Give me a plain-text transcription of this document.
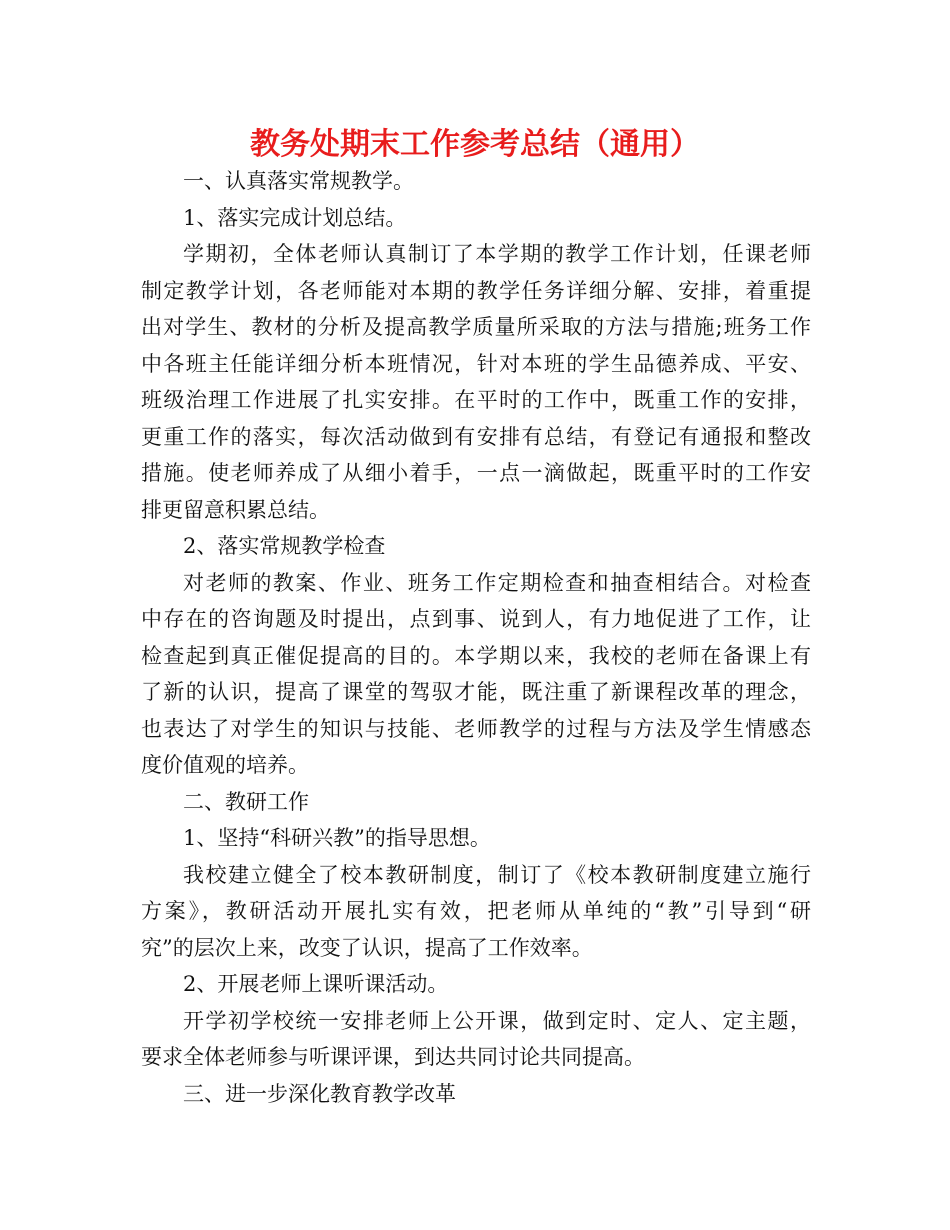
教务处期末工作参考总结（通用）

一、认真落实常规教学。

1、落实完成计划总结。

学期初，全体老师认真制订了本学期的教学工作计划，任课老师
制定教学计划，各老师能对本期的教学任务详细分解、安排，着重提
出对学生、教材的分析及提高教学质量所采取的方法与措施;班务工作
中各班主任能详细分析本班情况，针对本班的学生品德养成、平安、
班级治理工作进展了扎实安排。在平时的工作中，既重工作的安排，
更重工作的落实，每次活动做到有安排有总结，有登记有通报和整改
措施。使老师养成了从细小着手，一点一滴做起，既重平时的工作安
排更留意积累总结。

2、落实常规教学检查

对老师的教案、作业、班务工作定期检查和抽查相结合。对检查
中存在的咨询题及时提出，点到事、说到人，有力地促进了工作，让
检查起到真正催促提高的目的。本学期以来，我校的老师在备课上有
了新的认识，提高了课堂的驾驭才能，既注重了新课程改革的理念，
也表达了对学生的知识与技能、老师教学的过程与方法及学生情感态
度价值观的培养。

二、教研工作

1、坚持“科研兴教”的指导思想。

我校建立健全了校本教研制度，制订了《校本教研制度建立施行
方案》，教研活动开展扎实有效，把老师从单纯的“教”引导到“研
究”的层次上来，改变了认识，提高了工作效率。

2、开展老师上课听课活动。

开学初学校统一安排老师上公开课，做到定时、定人、定主题，
要求全体老师参与听课评课，到达共同讨论共同提高。

三、进一步深化教育教学改革
